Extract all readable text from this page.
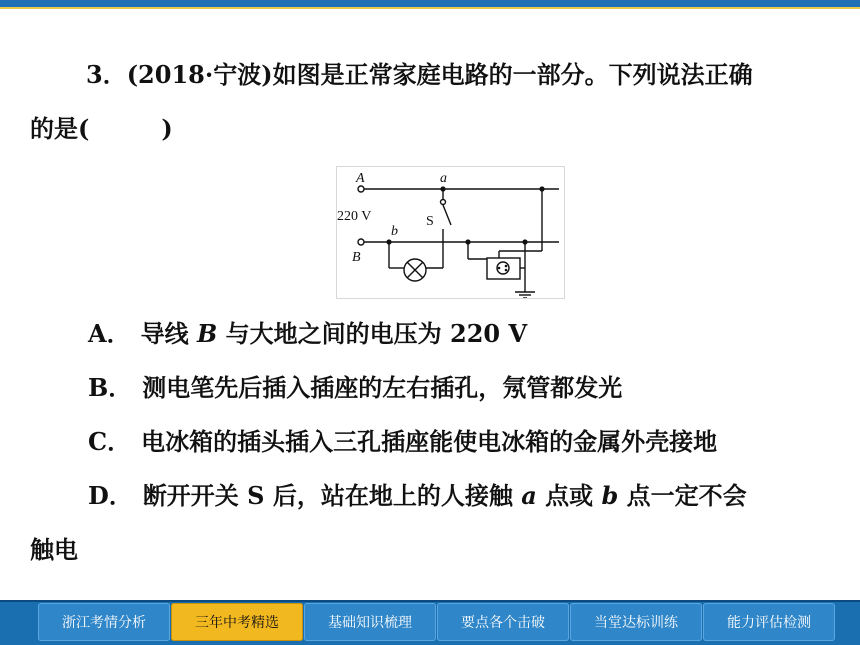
3．(2018·宁波)如图是正常家庭电路的一部分。下列说法正确
的是(	)
A	a
220 V
b
S
B
A． 导线 B 与大地之间的电压为 220 V
B． 测电笔先后插入插座的左右插孔，氖管都发光
C． 电冰箱的插头插入三孔插座能使电冰箱的金属外壳接地
D． 断开开关 S 后，站在地上的人接触 a 点或 b 点一定不会
触电
浙江考情分析	三年中考精选	基础知识梳理	要点各个击破	当堂达标训练	能力评估检测
